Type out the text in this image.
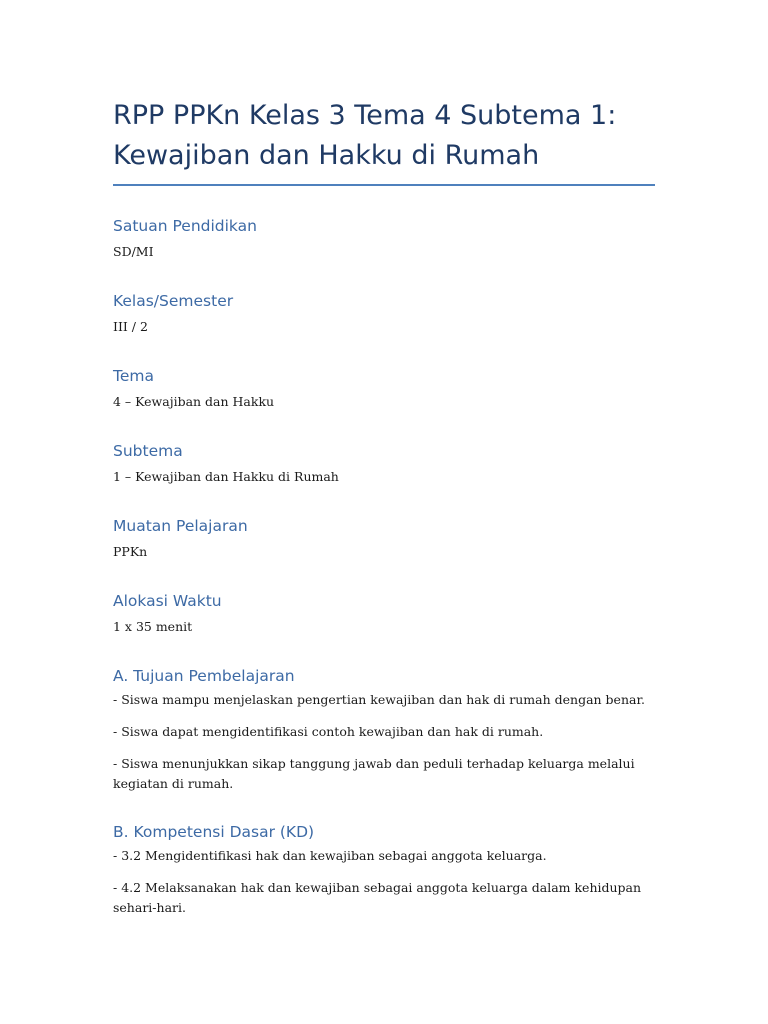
RPP PPKn Kelas 3 Tema 4 Subtema 1: Kewajiban dan Hakku di Rumah
Satuan Pendidikan

SD/MI

Kelas/Semester

III / 2

Tema

4 – Kewajiban dan Hakku

Subtema

1 – Kewajiban dan Hakku di Rumah

Muatan Pelajaran

PPKn

Alokasi Waktu

1 x 35 menit

A. Tujuan Pembelajaran

- Siswa mampu menjelaskan pengertian kewajiban dan hak di rumah dengan benar.

- Siswa dapat mengidentifikasi contoh kewajiban dan hak di rumah.

- Siswa menunjukkan sikap tanggung jawab dan peduli terhadap keluarga melalui kegiatan di rumah.

B. Kompetensi Dasar (KD)

- 3.2 Mengidentifikasi hak dan kewajiban sebagai anggota keluarga.

- 4.2 Melaksanakan hak dan kewajiban sebagai anggota keluarga dalam kehidupan sehari-hari.
